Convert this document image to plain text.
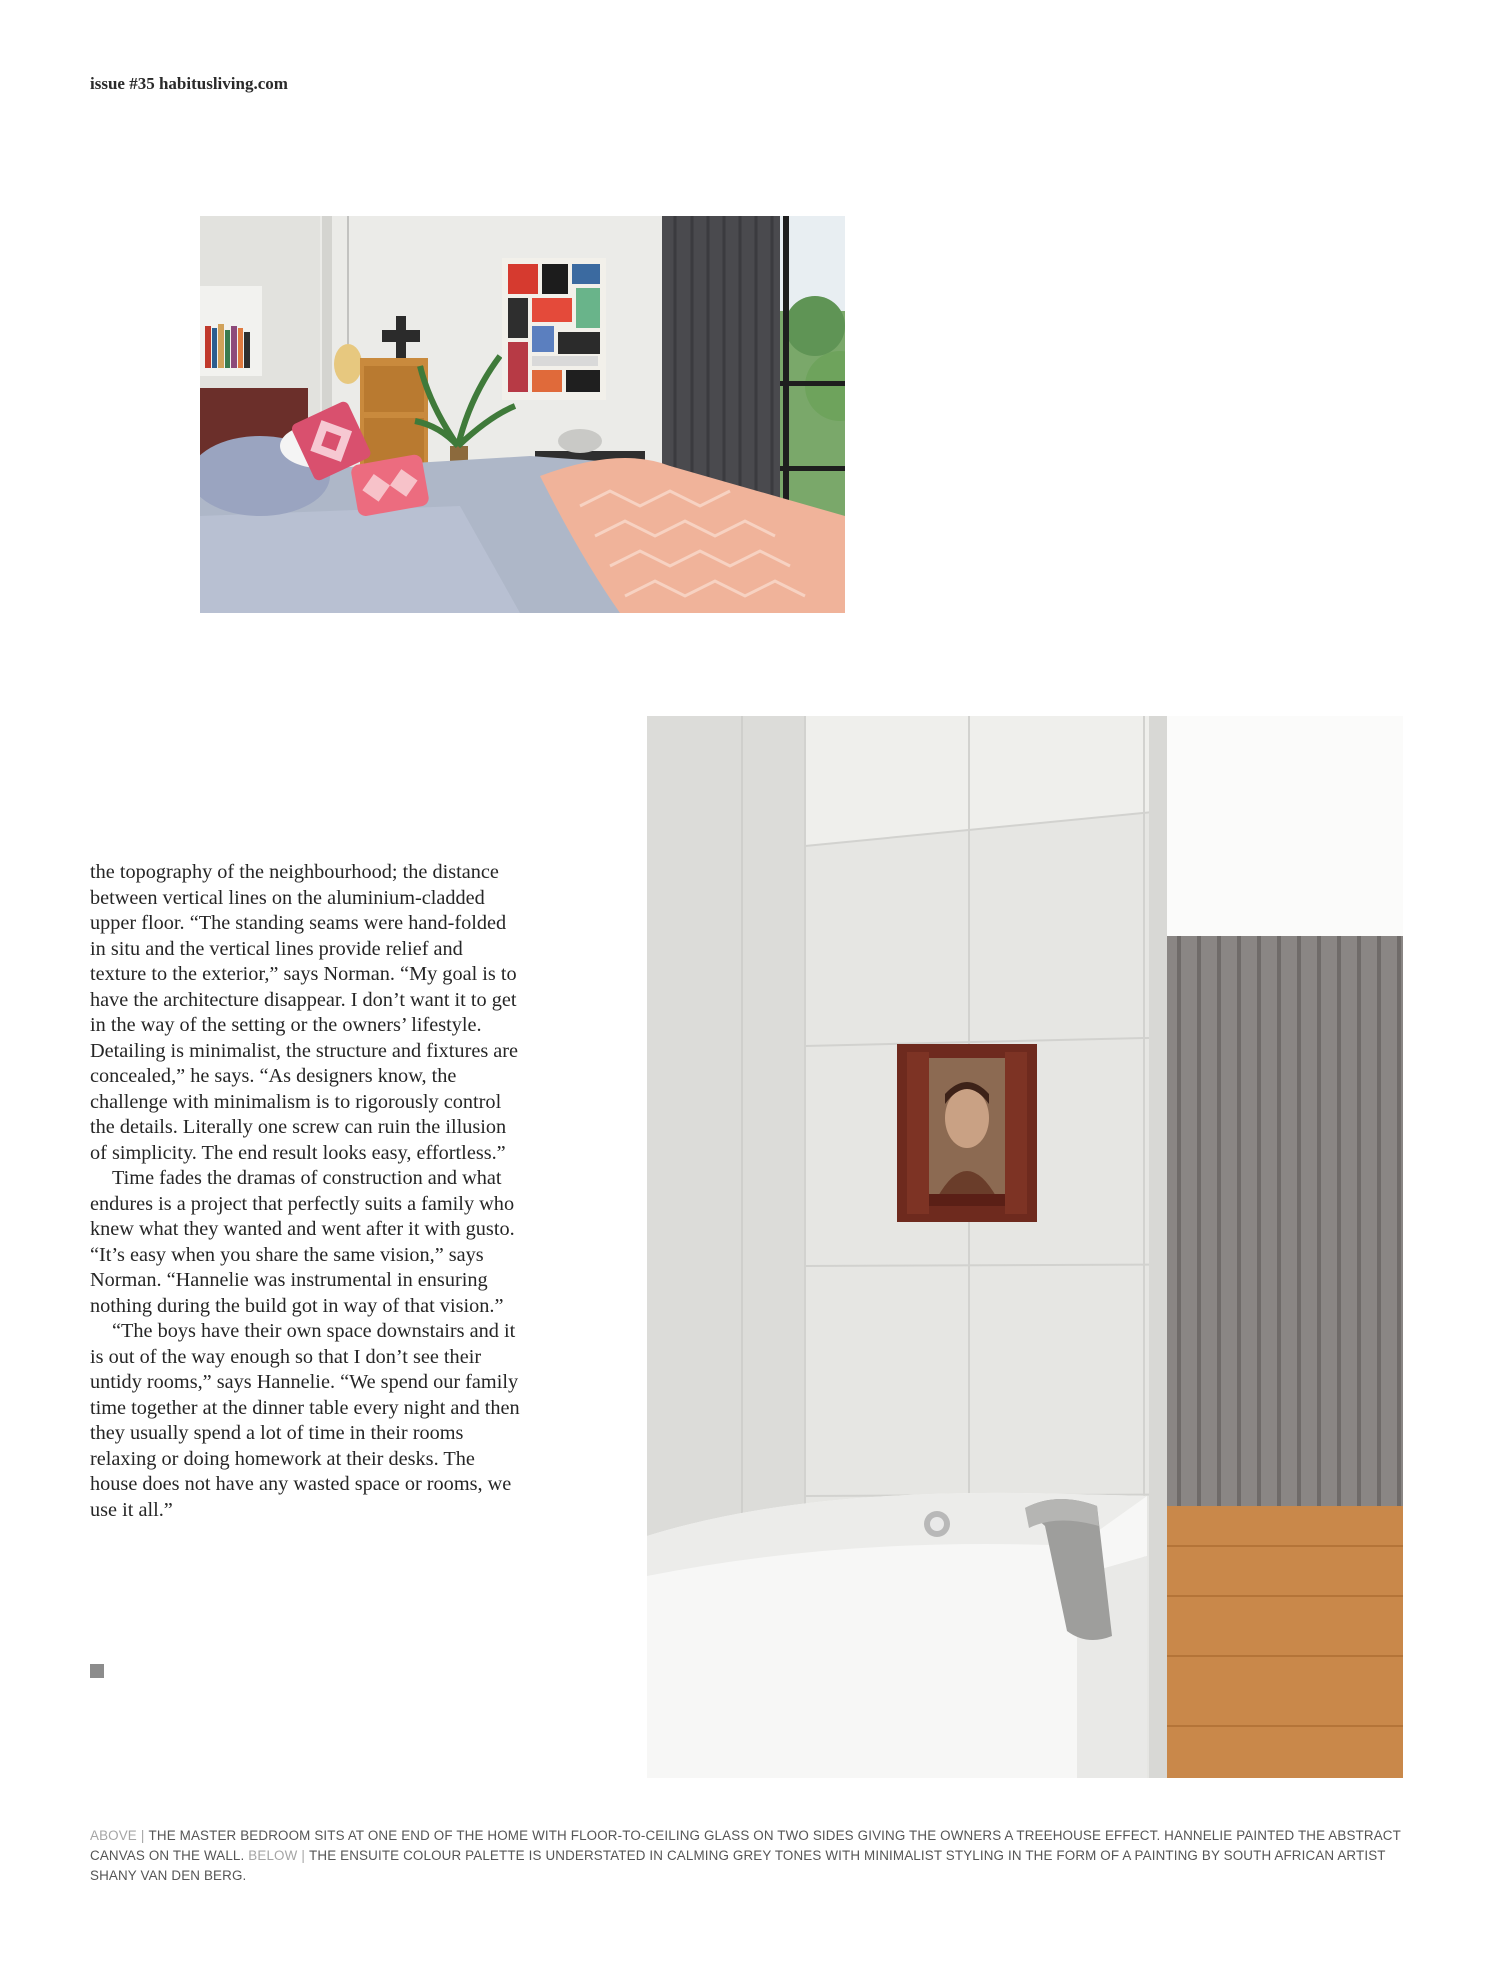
issue #35 habitusliving.com

the topography of the neighbourhood; the distance between vertical lines on the aluminium-cladded upper floor. “The standing seams were hand-folded in situ and the vertical lines provide relief and texture to the exterior,” says Norman. “My goal is to have the architecture disappear. I don’t want it to get in the way of the setting or the owners’ lifestyle. Detailing is minimalist, the structure and fixtures are concealed,” he says. “As designers know, the challenge with minimalism is to rigorously control the details. Literally one screw can ruin the illusion of simplicity. The end result looks easy, effortless.”

Time fades the dramas of construction and what endures is a project that perfectly suits a family who knew what they wanted and went after it with gusto. “It’s easy when you share the same vision,” says Norman. “Hannelie was instrumental in ensuring nothing during the build got in way of that vision.”

“The boys have their own space downstairs and it is out of the way enough so that I don’t see their untidy rooms,” says Hannelie. “We spend our family time together at the dinner table every night and then they usually spend a lot of time in their rooms relaxing or doing homework at their desks. The house does not have any wasted space or rooms, we use it all.”

ABOVE | THE MASTER BEDROOM SITS AT ONE END OF THE HOME WITH FLOOR-TO-CEILING GLASS ON TWO SIDES GIVING THE OWNERS A TREEHOUSE EFFECT. HANNELIE PAINTED THE ABSTRACT CANVAS ON THE WALL. BELOW | THE ENSUITE COLOUR PALETTE IS UNDERSTATED IN CALMING GREY TONES WITH MINIMALIST STYLING IN THE FORM OF A PAINTING BY SOUTH AFRICAN ARTIST SHANY VAN DEN BERG.
